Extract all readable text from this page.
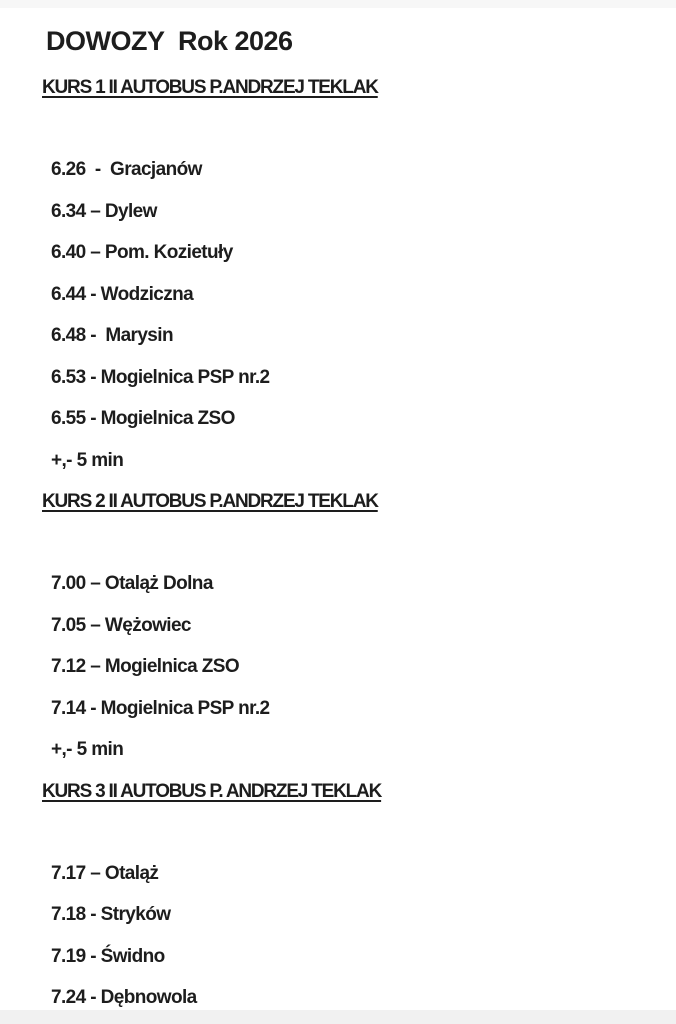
DOWOZY  Rok 2026
KURS 1 II AUTOBUS P.ANDRZEJ TEKLAK

6.26  -  Gracjanów

6.34 – Dylew

6.40 – Pom. Kozietuły

6.44 - Wodziczna

6.48 -  Marysin

6.53 - Mogielnica PSP nr.2

6.55 - Mogielnica ZSO

+,- 5 min

KURS 2 II AUTOBUS P.ANDRZEJ TEKLAK

7.00 – Otaląż Dolna

7.05 – Wężowiec

7.12 – Mogielnica ZSO

7.14 - Mogielnica PSP nr.2

+,- 5 min

KURS 3 II AUTOBUS P. ANDRZEJ TEKLAK

7.17 – Otaląż

7.18 - Stryków

7.19 - Świdno

7.24 - Dębnowola
